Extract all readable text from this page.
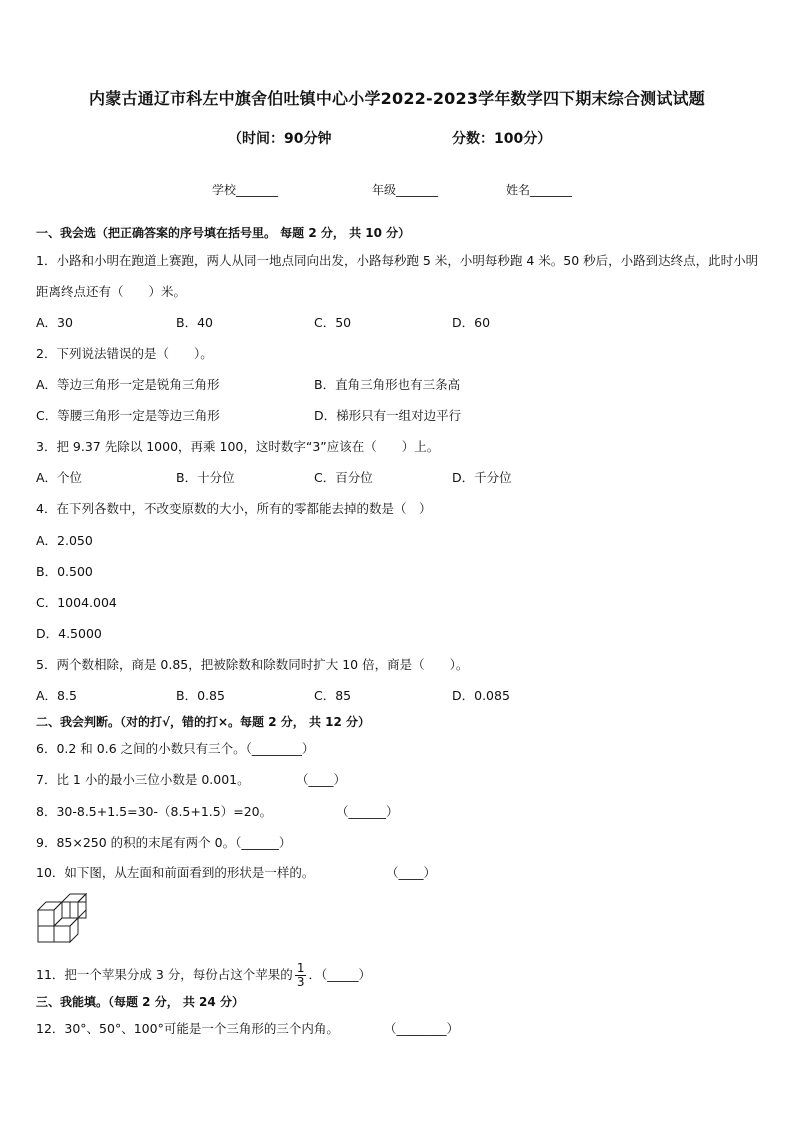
内蒙古通辽市科左中旗舍伯吐镇中心小学2022-2023学年数学四下期末综合测试试题
（时间：90分钟	分数：100分）
学校_______	年级_______	姓名_______
一、我会选（把正确答案的序号填在括号里。 每题 2 分， 共 10 分）
1．小路和小明在跑道上赛跑，两人从同一地点同向出发，小路每秒跑 5 米，小明每秒跑 4 米。50 秒后，小路到达终点，此时小明距离终点还有（　　）米。
A．30	B．40	C．50	D．60
2．下列说法错误的是（　　）。
A．等边三角形一定是锐角三角形	B．直角三角形也有三条高
C．等腰三角形一定是等边三角形	D．梯形只有一组对边平行
3．把 9.37 先除以 1000，再乘 100，这时数字“3”应该在（　　）上。
A．个位	B．十分位	C．百分位	D．千分位
4．在下列各数中，不改变原数的大小，所有的零都能去掉的数是（　）
A．2.050
B．0.500
C．1004.004
D．4.5000
5．两个数相除，商是 0.85，把被除数和除数同时扩大 10 倍，商是（　　）。
A．8.5	B．0.85	C．85	D．0.085
二、我会判断。（对的打√，错的打×。每题 2 分， 共 12 分）
6．0.2 和 0.6 之间的小数只有三个。（________）
7．比 1 小的最小三位小数是 0.001。	（____）
8．30-8.5+1.5=30-（8.5+1.5）=20。	（______）
9．85×250 的积的末尾有两个 0。（______）
10．如下图，从左面和前面看到的形状是一样的。	（____）
11．把一个苹果分成 3 分，每份占这个苹果的 $\frac{1}{3}$ ．（_____）
三、我能填。（每题 2 分， 共 24 分）
12．30°、50°、100°可能是一个三角形的三个内角。	（________）
